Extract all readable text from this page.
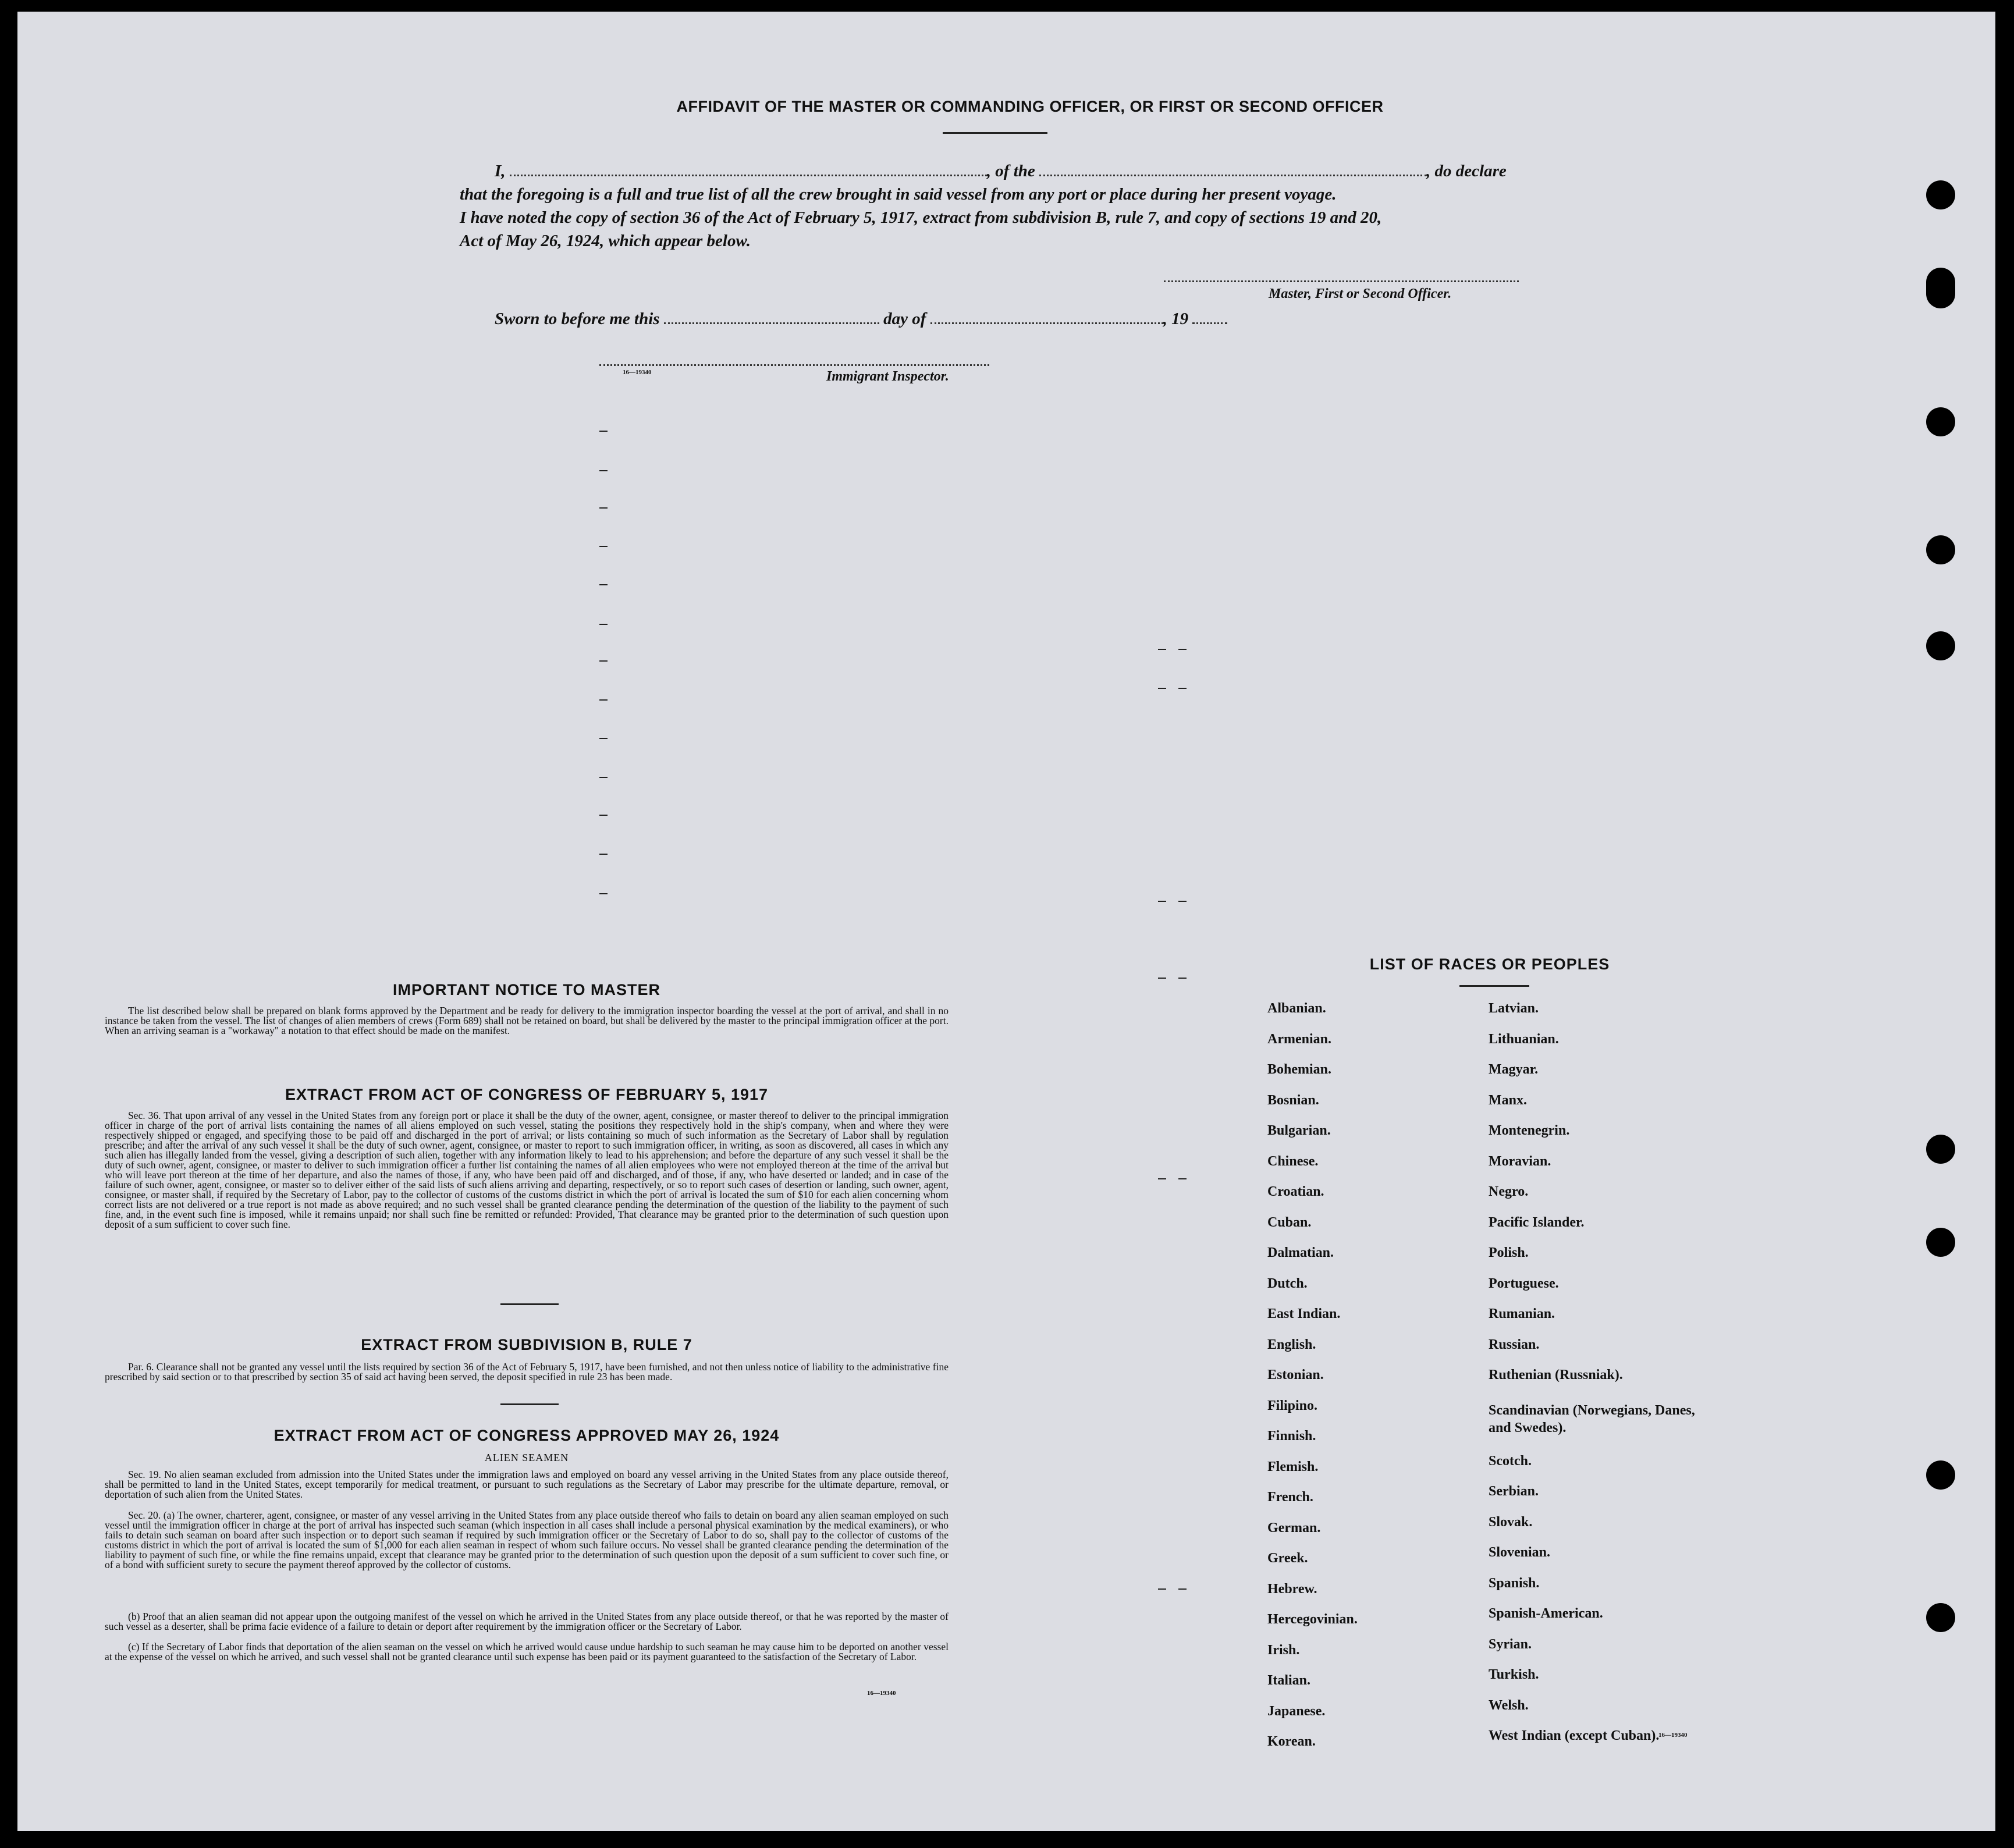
AFFIDAVIT OF THE MASTER OR COMMANDING OFFICER, OR FIRST OR SECOND OFFICER
I,	, of the	, do declare
that the foregoing is a full and true list of all the crew brought in said vessel from any port or place during her present voyage.
I have noted the copy of section 36 of the Act of February 5, 1917, extract from subdivision B, rule 7, and copy of sections 19 and 20,
Act of May 26, 1924, which appear below.
Master, First or Second Officer.
Sworn to before me this	day of	, 19
16—19340	Immigrant Inspector.
IMPORTANT NOTICE TO MASTER
The list described below shall be prepared on blank forms approved by the Department and be ready for delivery to the immigration inspector boarding the vessel at the port of arrival, and shall in no instance be taken from the vessel. The list of changes of alien members of crews (Form 689) shall not be retained on board, but shall be delivered by the master to the principal immigration officer at the port. When an arriving seaman is a "workaway" a notation to that effect should be made on the manifest.
EXTRACT FROM ACT OF CONGRESS OF FEBRUARY 5, 1917
Sec. 36. That upon arrival of any vessel in the United States from any foreign port or place it shall be the duty of the owner, agent, consignee, or master thereof to deliver to the principal immigration officer in charge of the port of arrival lists containing the names of all aliens employed on such vessel, stating the positions they respectively hold in the ship's company, when and where they were respectively shipped or engaged, and specifying those to be paid off and discharged in the port of arrival; or lists containing so much of such information as the Secretary of Labor shall by regulation prescribe; and after the arrival of any such vessel it shall be the duty of such owner, agent, consignee, or master to report to such immigration officer, in writing, as soon as discovered, all cases in which any such alien has illegally landed from the vessel, giving a description of such alien, together with any information likely to lead to his apprehension; and before the departure of any such vessel it shall be the duty of such owner, agent, consignee, or master to deliver to such immigration officer a further list containing the names of all alien employees who were not employed thereon at the time of the arrival but who will leave port thereon at the time of her departure, and also the names of those, if any, who have been paid off and discharged, and of those, if any, who have deserted or landed; and in case of the failure of such owner, agent, consignee, or master so to deliver either of the said lists of such aliens arriving and departing, respectively, or so to report such cases of desertion or landing, such owner, agent, consignee, or master shall, if required by the Secretary of Labor, pay to the collector of customs of the customs district in which the port of arrival is located the sum of $10 for each alien concerning whom correct lists are not delivered or a true report is not made as above required; and no such vessel shall be granted clearance pending the determination of the question of the liability to the payment of such fine, and, in the event such fine is imposed, while it remains unpaid; nor shall such fine be remitted or refunded: Provided, That clearance may be granted prior to the determination of such question upon deposit of a sum sufficient to cover such fine.
EXTRACT FROM SUBDIVISION B, RULE 7
Par. 6. Clearance shall not be granted any vessel until the lists required by section 36 of the Act of February 5, 1917, have been furnished, and not then unless notice of liability to the administrative fine prescribed by said section or to that prescribed by section 35 of said act having been served, the deposit specified in rule 23 has been made.
EXTRACT FROM ACT OF CONGRESS APPROVED MAY 26, 1924
ALIEN SEAMEN
Sec. 19. No alien seaman excluded from admission into the United States under the immigration laws and employed on board any vessel arriving in the United States from any place outside thereof, shall be permitted to land in the United States, except temporarily for medical treatment, or pursuant to such regulations as the Secretary of Labor may prescribe for the ultimate departure, removal, or deportation of such alien from the United States.
Sec. 20. (a) The owner, charterer, agent, consignee, or master of any vessel arriving in the United States from any place outside thereof who fails to detain on board any alien seaman employed on such vessel until the immigration officer in charge at the port of arrival has inspected such seaman (which inspection in all cases shall include a personal physical examination by the medical examiners), or who fails to detain such seaman on board after such inspection or to deport such seaman if required by such immigration officer or the Secretary of Labor to do so, shall pay to the collector of customs of the customs district in which the port of arrival is located the sum of $1,000 for each alien seaman in respect of whom such failure occurs. No vessel shall be granted clearance pending the determination of the liability to payment of such fine, or while the fine remains unpaid, except that clearance may be granted prior to the determination of such question upon the deposit of a sum sufficient to cover such fine, or of a bond with sufficient surety to secure the payment thereof approved by the collector of customs.
(b) Proof that an alien seaman did not appear upon the outgoing manifest of the vessel on which he arrived in the United States from any place outside thereof, or that he was reported by the master of such vessel as a deserter, shall be prima facie evidence of a failure to detain or deport after requirement by the immigration officer or the Secretary of Labor.
(c) If the Secretary of Labor finds that deportation of the alien seaman on the vessel on which he arrived would cause undue hardship to such seaman he may cause him to be deported on another vessel at the expense of the vessel on which he arrived, and such vessel shall not be granted clearance until such expense has been paid or its payment guaranteed to the satisfaction of the Secretary of Labor.
16—19340
LIST OF RACES OR PEOPLES
Albanian.
Armenian.
Bohemian.
Bosnian.
Bulgarian.
Chinese.
Croatian.
Cuban.
Dalmatian.
Dutch.
East Indian.
English.
Estonian.
Filipino.
Finnish.
Flemish.
French.
German.
Greek.
Hebrew.
Hercegovinian.
Irish.
Italian.
Japanese.
Korean.
Latvian.
Lithuanian.
Magyar.
Manx.
Montenegrin.
Moravian.
Negro.
Pacific Islander.
Polish.
Portuguese.
Rumanian.
Russian.
Ruthenian (Russniak).
Scandinavian (Norwegians, Danes, and Swedes).
Scotch.
Serbian.
Slovak.
Slovenian.
Spanish.
Spanish-American.
Syrian.
Turkish.
Welsh.
West Indian (except Cuban).
16—19340
